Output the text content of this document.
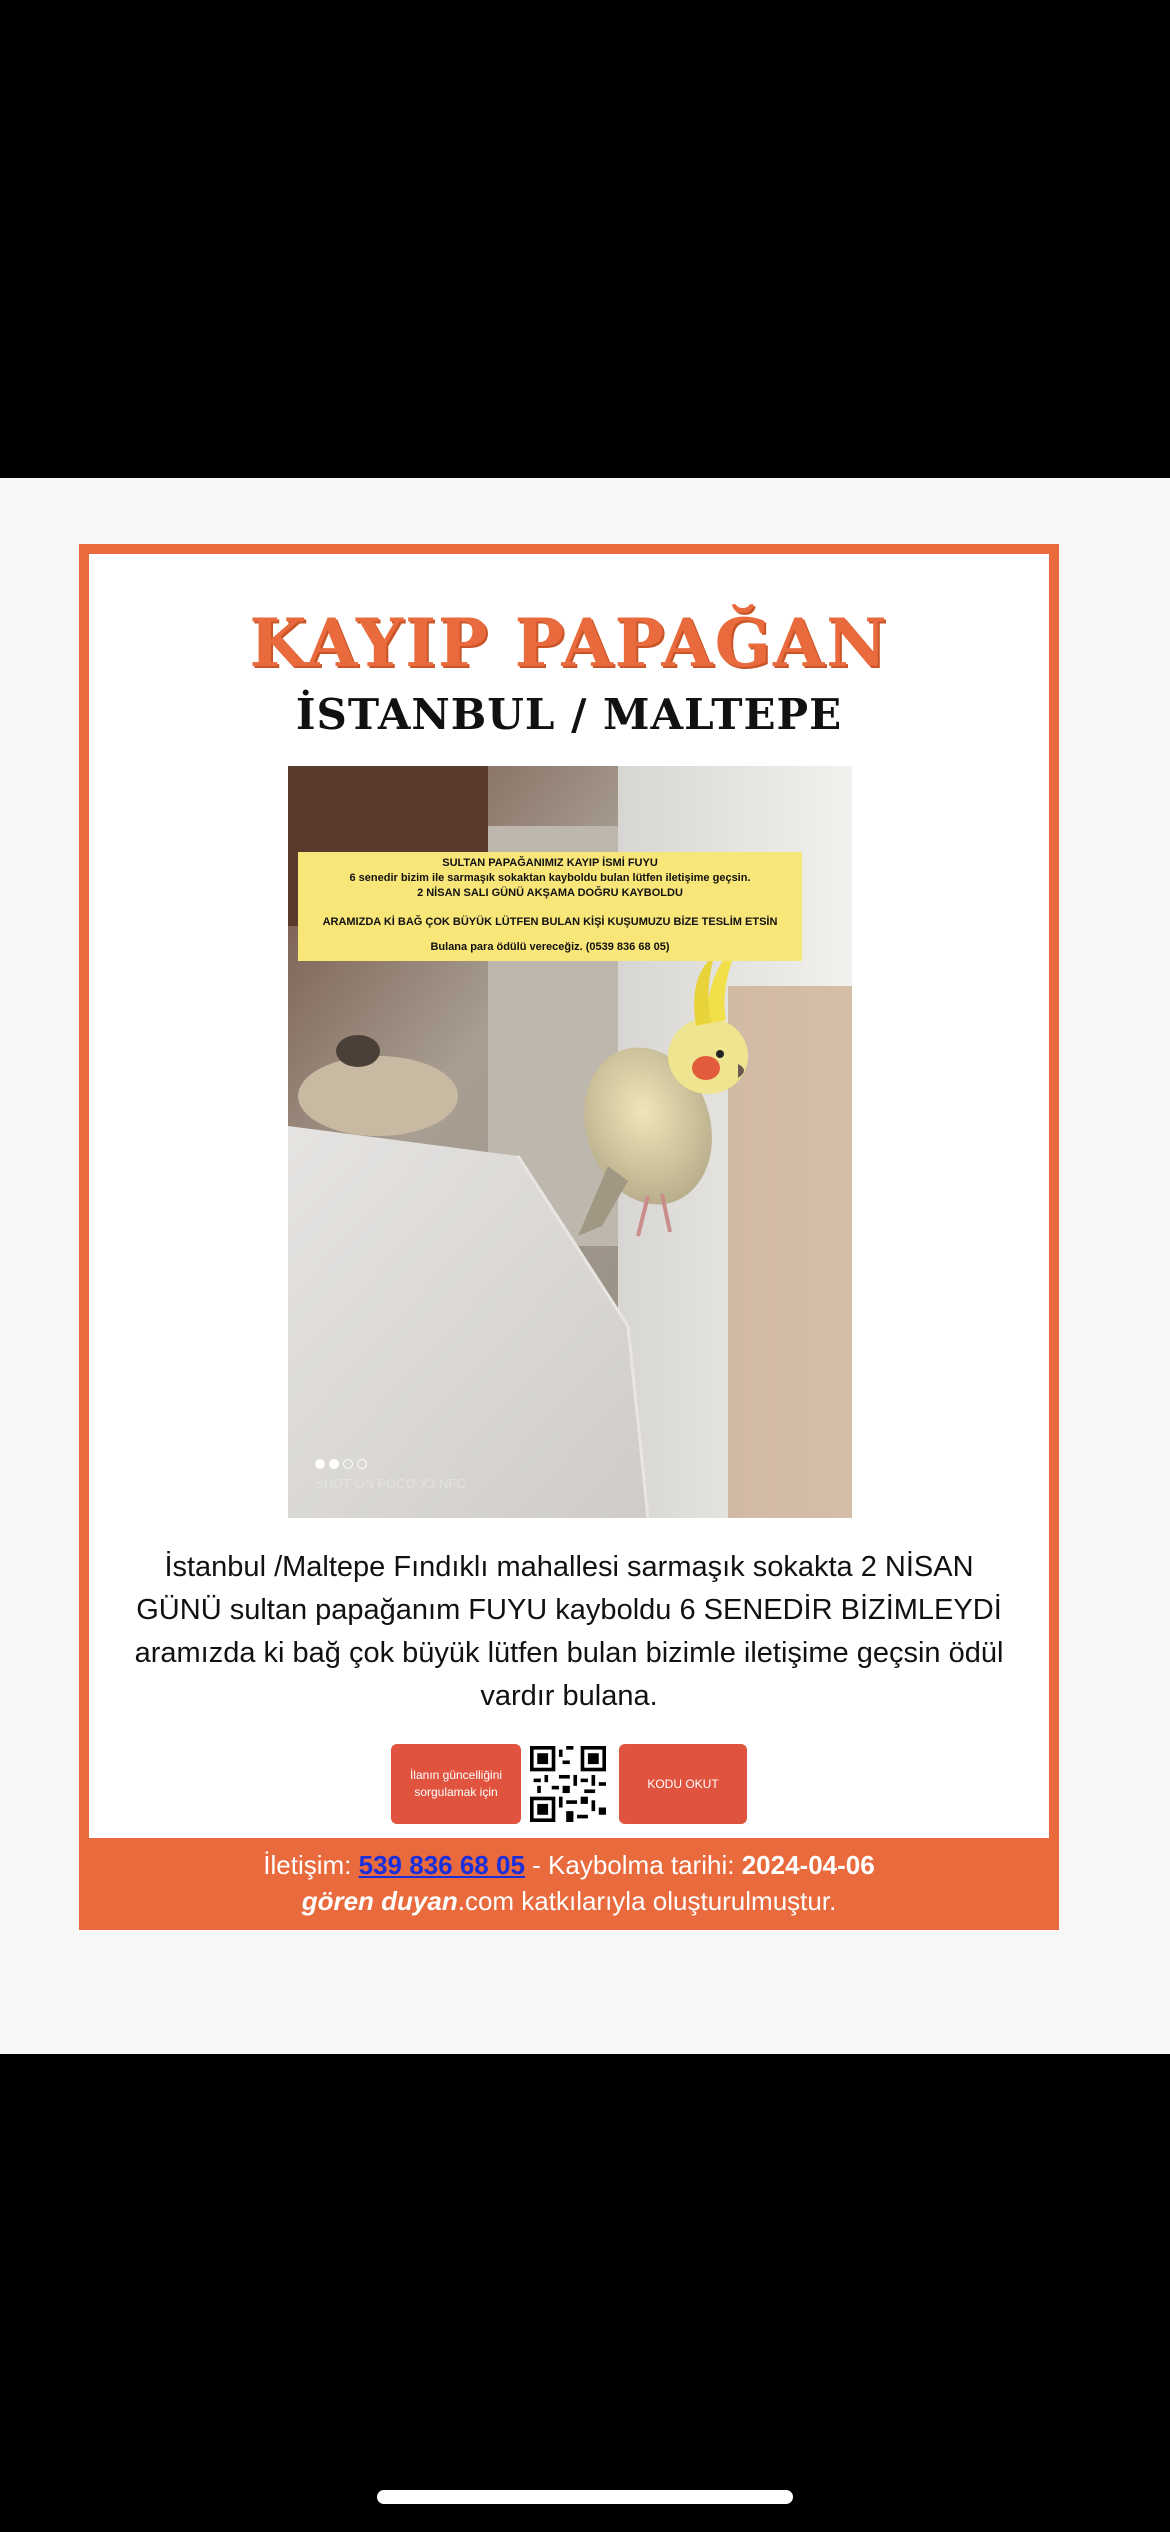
KAYIP PAPAĞAN
İSTANBUL / MALTEPE
SULTAN PAPAĞANIMIZ KAYIP İSMİ FUYU
6 senedir bizim ile sarmaşık sokaktan kayboldu bulan lütfen iletişime geçsin.
2 NİSAN SALI GÜNÜ AKŞAMA DOĞRU KAYBOLDU
ARAMIZDA Kİ BAĞ ÇOK BÜYÜK LÜTFEN BULAN KİŞİ KUŞUMUZU BİZE TESLİM ETSİN
Bulana para ödülü vereceğiz. (0539 836 68 05)
SHOT ON POCO X3 NFC
İstanbul /Maltepe Fındıklı mahallesi sarmaşık sokakta 2 NİSAN GÜNÜ sultan papağanım FUYU kayboldu 6 SENEDİR BİZİMLEYDİ aramızda ki bağ çok büyük lütfen bulan bizimle iletişime geçsin ödül vardır bulana.
İlanın güncelliğini sorgulamak için
KODU OKUT
İletişim: 539 836 68 05 - Kaybolma tarihi: 2024-04-06
gören duyan.com katkılarıyla oluşturulmuştur.
